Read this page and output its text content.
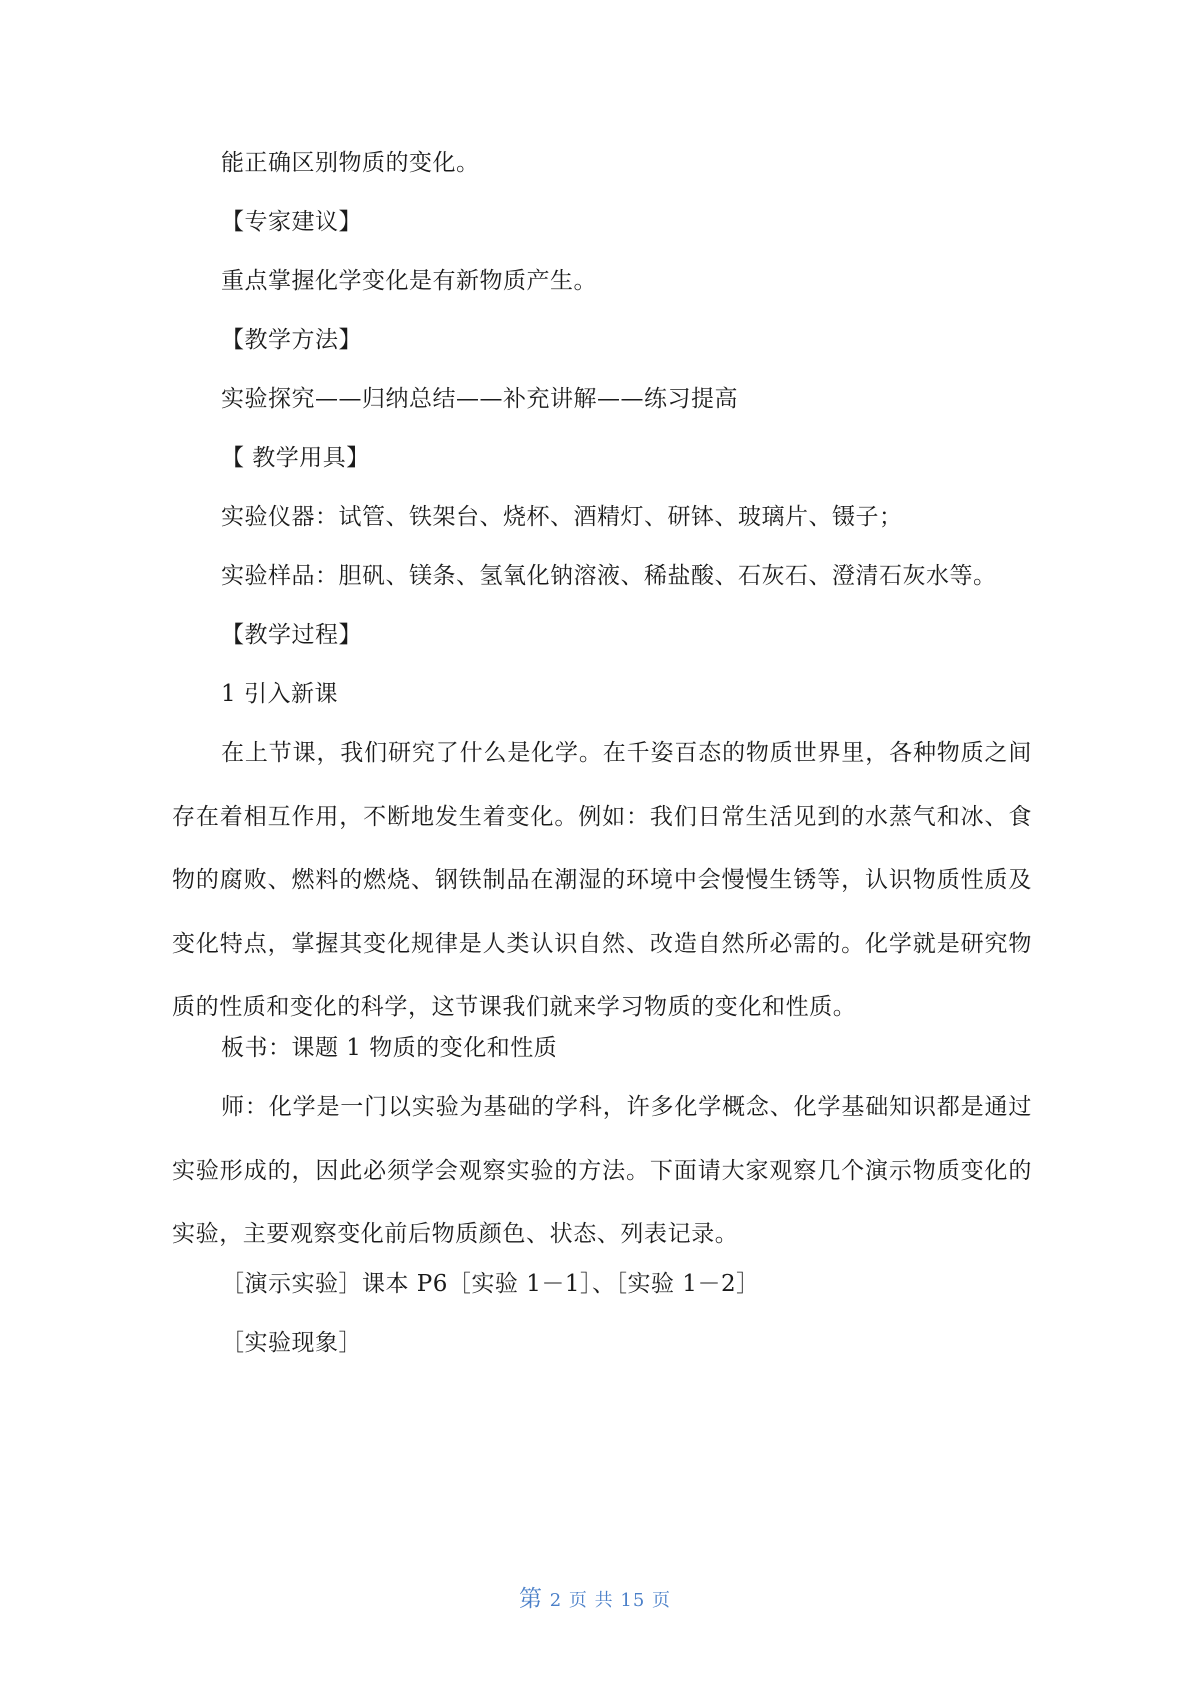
能正确区别物质的变化。
【专家建议】
重点掌握化学变化是有新物质产生。
【教学方法】
实验探究——归纳总结——补充讲解——练习提高
【 教学用具】
实验仪器：试管、铁架台、烧杯、酒精灯、研钵、玻璃片、镊子；
实验样品：胆矾、镁条、氢氧化钠溶液、稀盐酸、石灰石、澄清石灰水等。
【教学过程】
1 引入新课
在上节课，我们研究了什么是化学。在千姿百态的物质世界里，各种物质之间存在着相互作用，不断地发生着变化。例如：我们日常生活见到的水蒸气和冰、食物的腐败、燃料的燃烧、钢铁制品在潮湿的环境中会慢慢生锈等，认识物质性质及变化特点，掌握其变化规律是人类认识自然、改造自然所必需的。化学就是研究物质的性质和变化的科学，这节课我们就来学习物质的变化和性质。
板书：课题 1 物质的变化和性质
师：化学是一门以实验为基础的学科，许多化学概念、化学基础知识都是通过实验形成的，因此必须学会观察实验的方法。下面请大家观察几个演示物质变化的实验，主要观察变化前后物质颜色、状态、列表记录。
［演示实验］课本 P6［实验 1－1］、［实验 1－2］
［实验现象］
第 2 页 共 15 页
